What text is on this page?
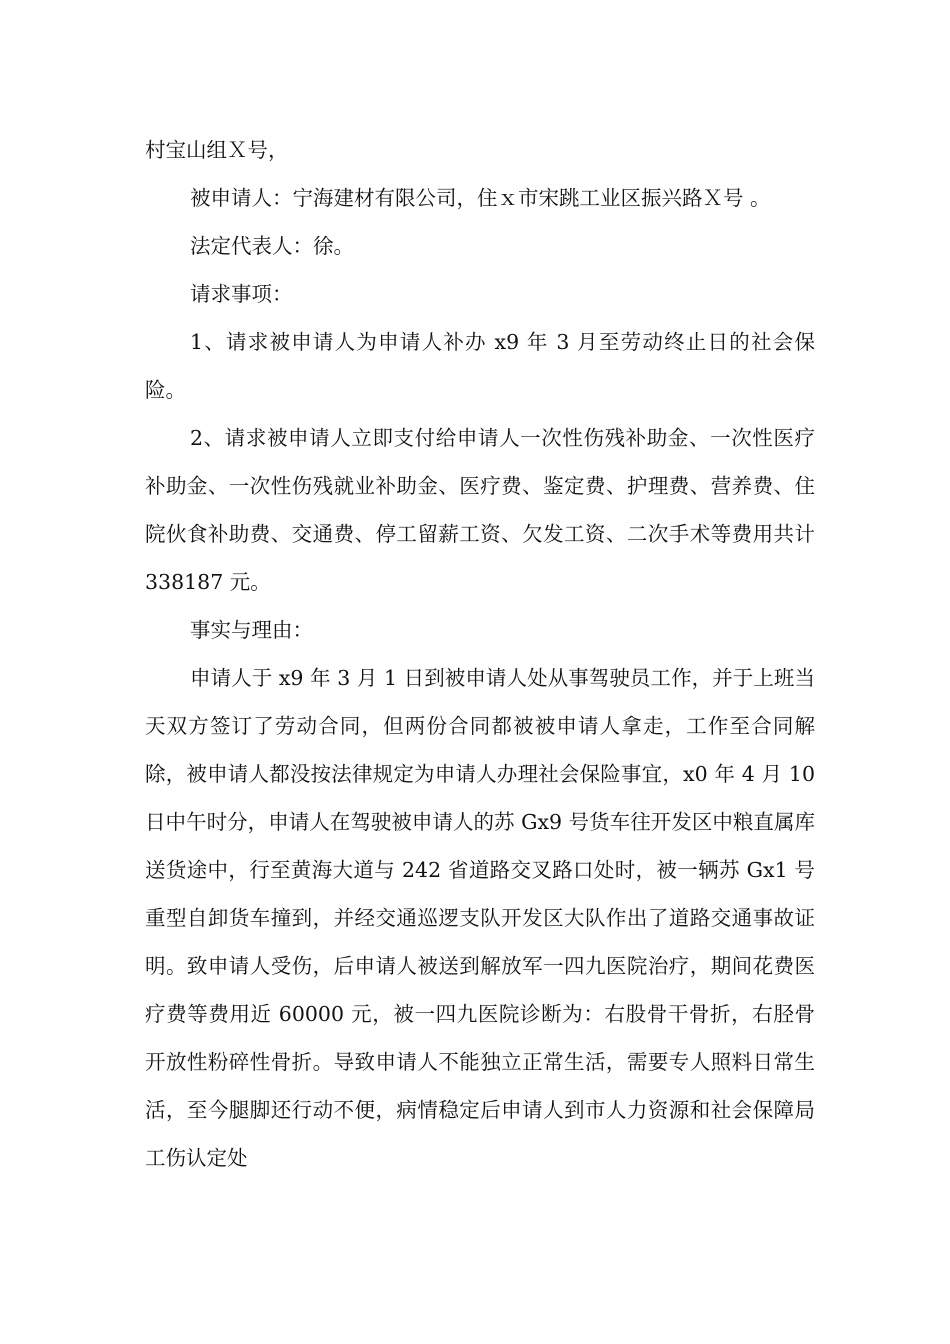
村宝山组Ｘ号，

被申请人：宁海建材有限公司，住ｘ市宋跳工业区振兴路Ｘ号 。

法定代表人：徐。

请求事项：

1、请求被申请人为申请人补办 x9 年 3 月至劳动终止日的社会保险。

2、请求被申请人立即支付给申请人一次性伤残补助金、一次性医疗补助金、一次性伤残就业补助金、医疗费、鉴定费、护理费、营养费、住院伙食补助费、交通费、停工留薪工资、欠发工资、二次手术等费用共计 338187 元。

事实与理由：

申请人于 x9 年 3 月 1 日到被申请人处从事驾驶员工作，并于上班当天双方签订了劳动合同，但两份合同都被被申请人拿走，工作至合同解除，被申请人都没按法律规定为申请人办理社会保险事宜，x0 年 4 月 10 日中午时分，申请人在驾驶被申请人的苏 Gx9 号货车往开发区中粮直属库送货途中，行至黄海大道与 242 省道路交叉路口处时，被一辆苏 Gx1 号重型自卸货车撞到，并经交通巡逻支队开发区大队作出了道路交通事故证明。致申请人受伤，后申请人被送到解放军一四九医院治疗，期间花费医疗费等费用近 60000 元，被一四九医院诊断为：右股骨干骨折，右胫骨开放性粉碎性骨折。导致申请人不能独立正常生活，需要专人照料日常生活，至今腿脚还行动不便，病情稳定后申请人到市人力资源和社会保障局工伤认定处
